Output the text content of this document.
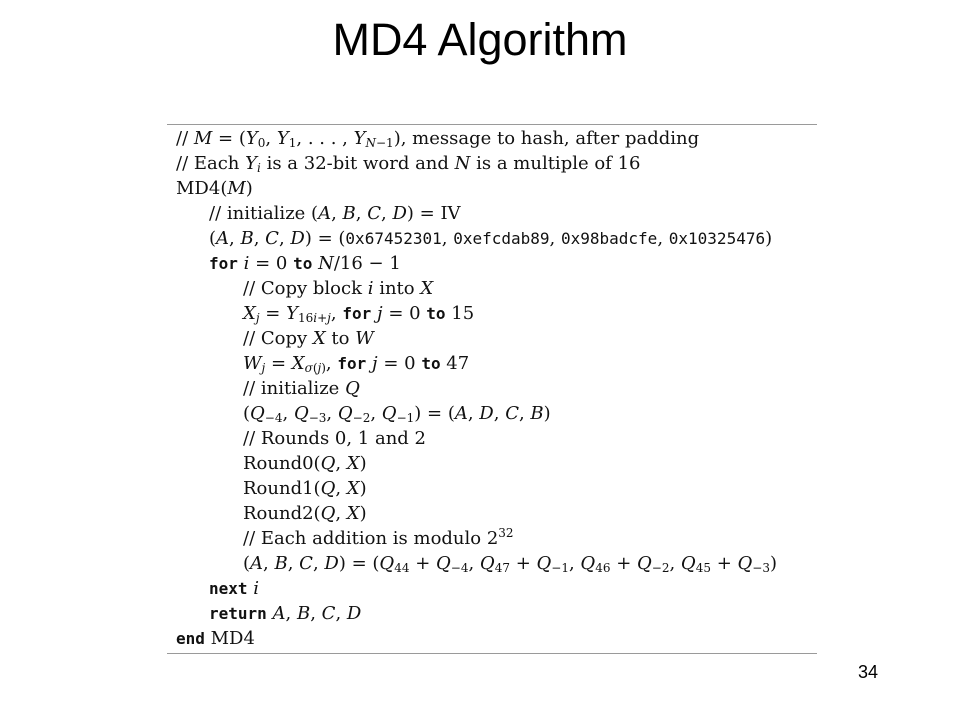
MD4 Algorithm
// $M = (Y_0$, $Y_1$, . . . , $Y_{N-1}$), message to hash, after padding
// Each $Y_i$ is a 32-bit word and N is a multiple of 16
MD4(M)
// initialize (A, B, C, D) = IV
(A, B, C, D) = (0x67452301, 0xefcdab89, 0x98badcfe, 0x10325476)
for i = 0 to N/16 − 1
// Copy block i into X
$X_j = Y_{16i+j}$, for j = 0 to 15
// Copy X to W
$W_j = X_{\sigma(j)}$, for j = 0 to 47
// initialize Q
($Q_{-4}$, $Q_{-3}$, $Q_{-2}$, $Q_{-1}) = (A$, D, C, B)
// Rounds 0, 1 and 2
Round0(Q, X)
Round1(Q, X)
Round2(Q, X)
// Each addition is modulo $2^{32}$
(A, B, C, $D) = (Q_{44} + Q_{-4}$, $Q_{47} + Q_{-1}$, $Q_{46} + Q_{-2}$, $Q_{45} + Q_{-3}$)
next i
return A, B, C, D
end MD4
34
